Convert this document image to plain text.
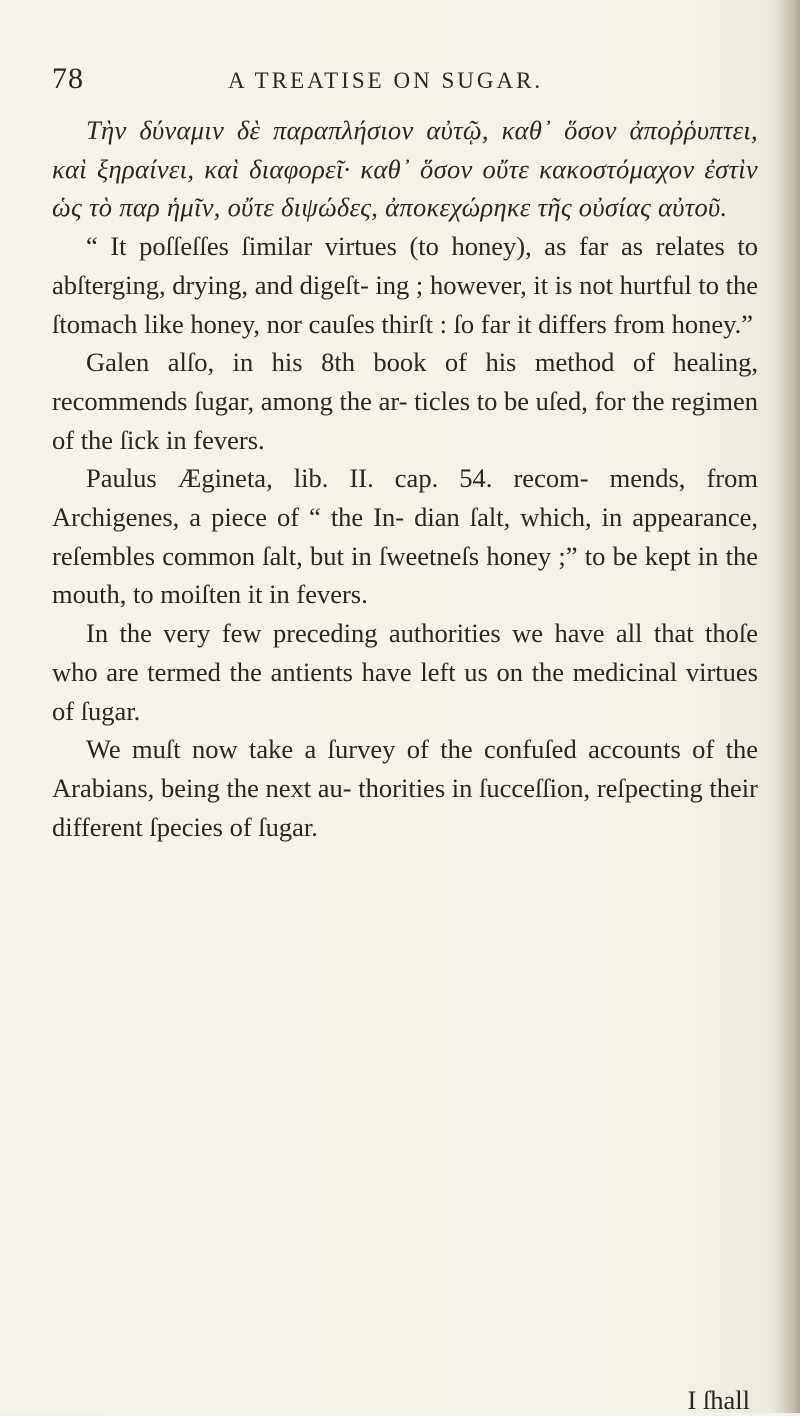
78	A TREATISE ON SUGAR.

Τὴν δύναμιν δὲ παραπλήσιον αὐτῷ, καθ᾽ ὅσον ἀποῤῥυπτει, καὶ ξηραίνει, καὶ διαφορεῖ· καθ᾽ ὅσον οὔτε κακοστόμαχον ἐστὶν ὡς τὸ παρ ἡμῖν, οὔτε διψώδες, ἀποκεχώρηκε τῆς οὐσίας αὐτοῦ.

“ It poſſeſſes ſimilar virtues (to honey), as far as relates to abſterging, drying, and digeſt- ing ; however, it is not hurtful to the ſtomach like honey, nor cauſes thirſt : ſo far it differs from honey.”

Galen alſo, in his 8th book of his method of healing, recommends ſugar, among the ar- ticles to be uſed, for the regimen of the ſick in fevers.

Paulus Ægineta, lib. II. cap. 54. recom- mends, from Archigenes, a piece of “ the In- dian ſalt, which, in appearance, reſembles common ſalt, but in ſweetneſs honey ;” to be kept in the mouth, to moiſten it in fevers.

In the very few preceding authorities we have all that thoſe who are termed the antients have left us on the medicinal virtues of ſugar.

We muſt now take a ſurvey of the confuſed accounts of the Arabians, being the next au- thorities in ſucceſſion, reſpecting their different ſpecies of ſugar.

I ſhall
